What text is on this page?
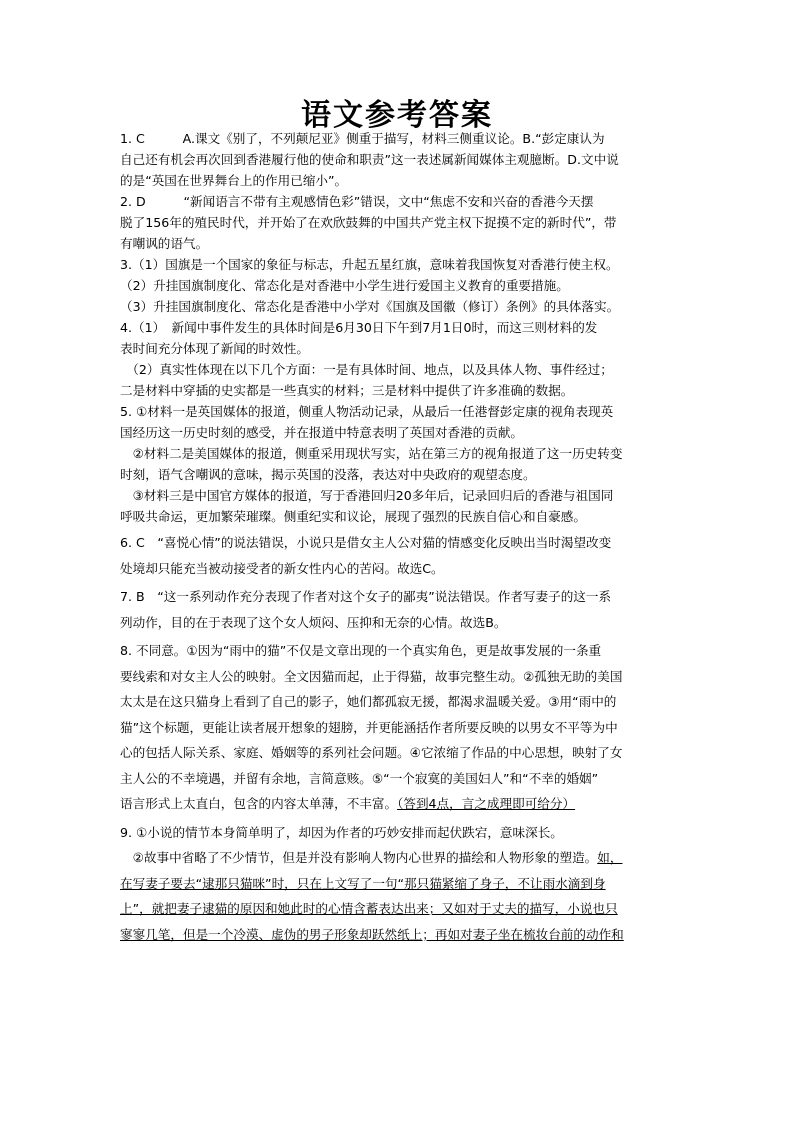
语文参考答案
1. C　　　A.课文《别了，不列颠尼亚》侧重于描写，材料三侧重议论。B.“彭定康认为
自己还有机会再次回到香港履行他的使命和职责”这一表述属新闻媒体主观臆断。D.文中说
的是“英国在世界舞台上的作用已缩小”。
2. D　　　“新闻语言不带有主观感情色彩”错误，文中“焦虑不安和兴奋的香港今天摆
脱了156年的殖民时代，并开始了在欢欣鼓舞的中国共产党主权下捉摸不定的新时代”，带
有嘲讽的语气。
3.（1）国旗是一个国家的象征与标志，升起五星红旗，意味着我国恢复对香港行使主权。
（2）升挂国旗制度化、常态化是对香港中小学生进行爱国主义教育的重要措施。
（3）升挂国旗制度化、常态化是香港中小学对《国旗及国徽（修订）条例》的具体落实。
4.（1）　新闻中事件发生的具体时间是6月30日下午到7月1日0时，而这三则材料的发
表时间充分体现了新闻的时效性。
　（2）真实性体现在以下几个方面：一是有具体时间、地点，以及具体人物、事件经过；
二是材料中穿插的史实都是一些真实的材料；三是材料中提供了许多准确的数据。
5. ①材料一是英国媒体的报道，侧重人物活动记录，从最后一任港督彭定康的视角表现英
国经历这一历史时刻的感受，并在报道中特意表明了英国对香港的贡献。
　②材料二是美国媒体的报道，侧重采用现状写实，站在第三方的视角报道了这一历史转变
时刻，语气含嘲讽的意味，揭示英国的没落，表达对中央政府的观望态度。
　③材料三是中国官方媒体的报道，写于香港回归20多年后，记录回归后的香港与祖国同
呼吸共命运，更加繁荣璀璨。侧重纪实和议论，展现了强烈的民族自信心和自豪感。
6. C　“喜悦心情”的说法错误，小说只是借女主人公对猫的情感变化反映出当时渴望改变
处境却只能充当被动接受者的新女性内心的苦闷。故选C。
7. B　“这一系列动作充分表现了作者对这个女子的鄙夷”说法错误。作者写妻子的这一系
列动作，目的在于表现了这个女人烦闷、压抑和无奈的心情。故选B。
8. 不同意。①因为“雨中的猫”不仅是文章出现的一个真实角色，更是故事发展的一条重
要线索和对女主人公的映射。全文因猫而起，止于得猫，故事完整生动。②孤独无助的美国
太太是在这只猫身上看到了自己的影子，她们都孤寂无援，都渴求温暖关爱。③用“雨中的
猫”这个标题，更能让读者展开想象的翅膀，并更能涵括作者所要反映的以男女不平等为中
心的包括人际关系、家庭、婚姻等的系列社会问题。④它浓缩了作品的中心思想，映射了女
主人公的不幸境遇，并留有余地，言简意赅。⑤“一个寂寞的美国妇人”和“不幸的婚姻”
语言形式上太直白，包含的内容太单薄，不丰富。（答到4点，言之成理即可给分）
9. ①小说的情节本身简单明了，却因为作者的巧妙安排而起伏跌宕，意味深长。
　②故事中省略了不少情节，但是并没有影响人物内心世界的描绘和人物形象的塑造。如，
在写妻子要去“逮那只猫咪”时，只在上文写了一句“那只猫紧缩了身子，不让雨水滴到身
上”，就把妻子逮猫的原因和她此时的心情含蓄表达出来；又如对于丈夫的描写，小说也只
寥寥几笔，但是一个冷漠、虚伪的男子形象却跃然纸上；再如对妻子坐在梳妆台前的动作和
